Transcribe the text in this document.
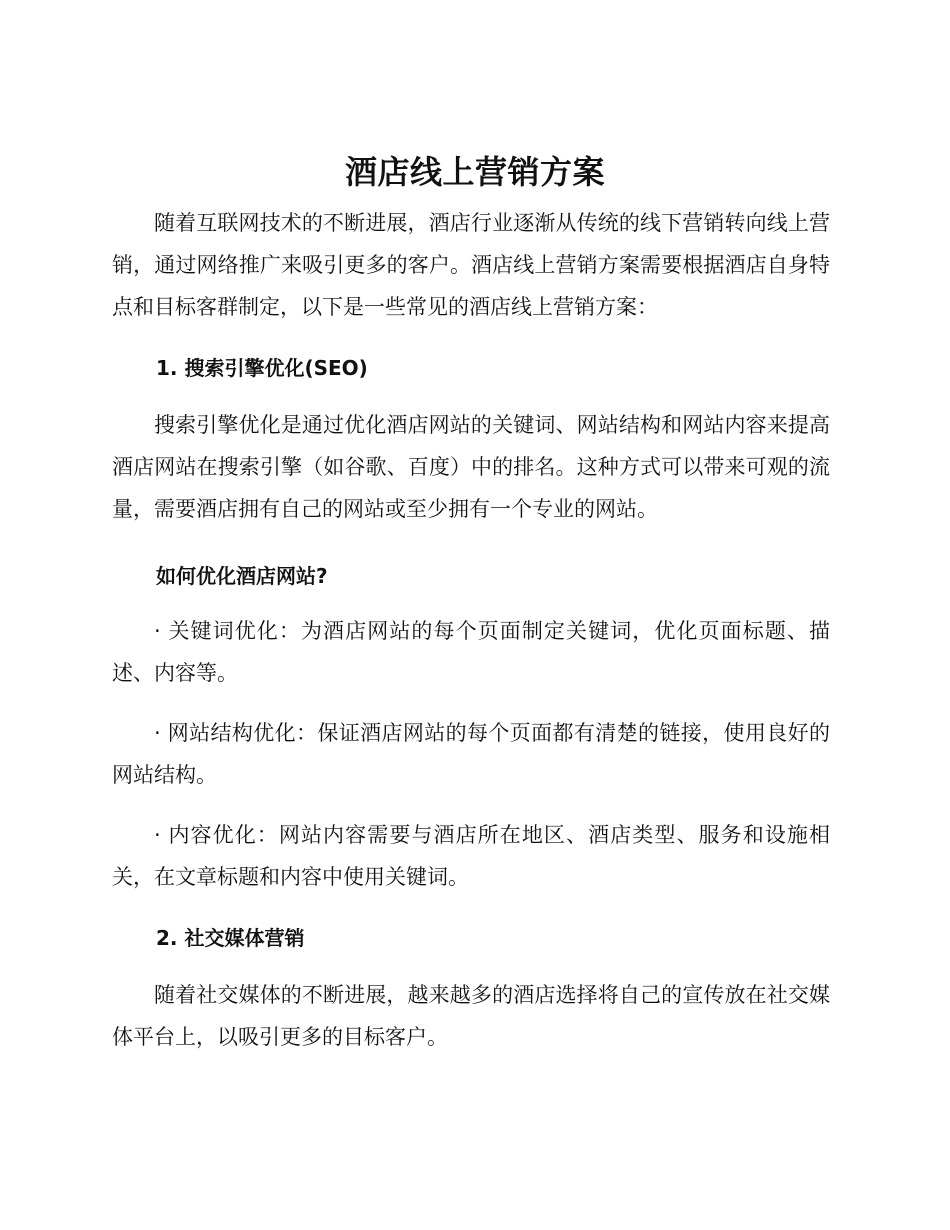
酒店线上营销方案

随着互联网技术的不断进展，酒店行业逐渐从传统的线下营销转向线上营销，通过网络推广来吸引更多的客户。酒店线上营销方案需要根据酒店自身特点和目标客群制定，以下是一些常见的酒店线上营销方案：

1. 搜索引擎优化(SEO)

搜索引擎优化是通过优化酒店网站的关键词、网站结构和网站内容来提高酒店网站在搜索引擎（如谷歌、百度）中的排名。这种方式可以带来可观的流量，需要酒店拥有自己的网站或至少拥有一个专业的网站。

如何优化酒店网站?

· 关键词优化：为酒店网站的每个页面制定关键词，优化页面标题、描述、内容等。

· 网站结构优化：保证酒店网站的每个页面都有清楚的链接，使用良好的网站结构。

· 内容优化：网站内容需要与酒店所在地区、酒店类型、服务和设施相关，在文章标题和内容中使用关键词。

2. 社交媒体营销

随着社交媒体的不断进展，越来越多的酒店选择将自己的宣传放在社交媒体平台上，以吸引更多的目标客户。
